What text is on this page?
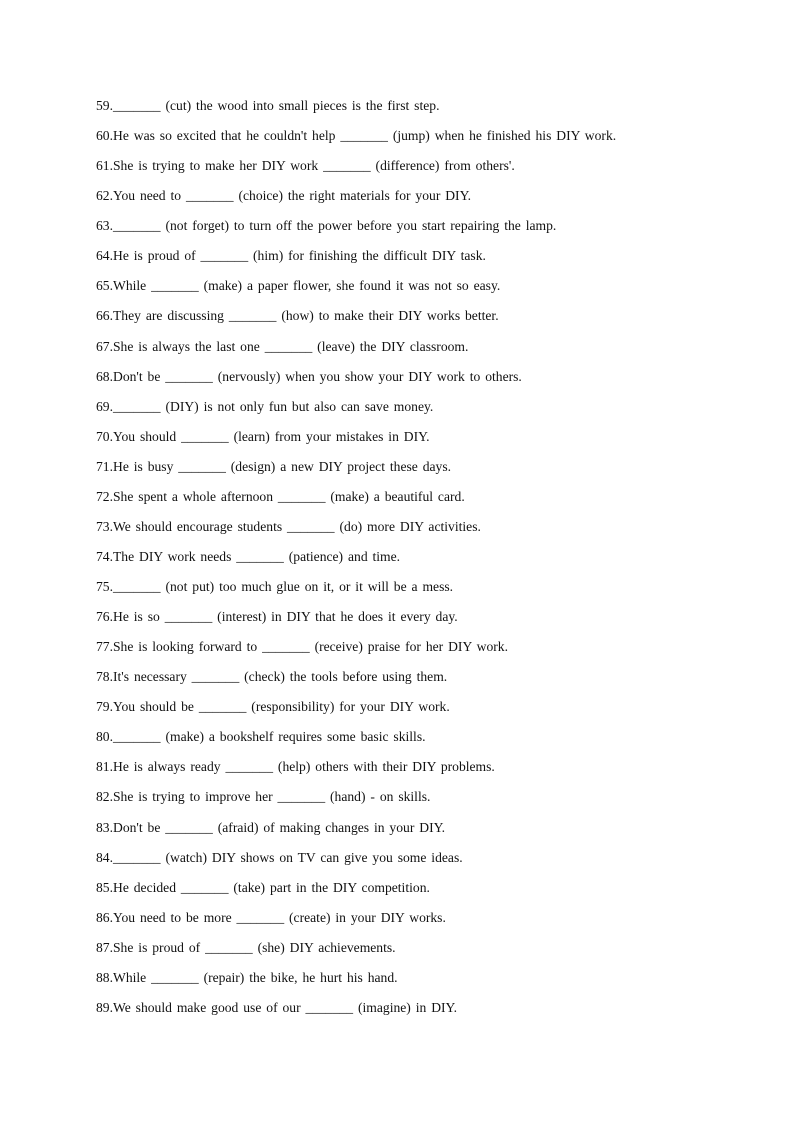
59._______ (cut) the wood into small pieces is the first step.
60.He was so excited that he couldn't help _______ (jump) when he finished his DIY work.
61.She is trying to make her DIY work _______ (difference) from others'.
62.You need to _______ (choice) the right materials for your DIY.
63._______ (not forget) to turn off the power before you start repairing the lamp.
64.He is proud of _______ (him) for finishing the difficult DIY task.
65.While _______ (make) a paper flower, she found it was not so easy.
66.They are discussing _______ (how) to make their DIY works better.
67.She is always the last one _______ (leave) the DIY classroom.
68.Don't be _______ (nervously) when you show your DIY work to others.
69._______ (DIY) is not only fun but also can save money.
70.You should _______ (learn) from your mistakes in DIY.
71.He is busy _______ (design) a new DIY project these days.
72.She spent a whole afternoon _______ (make) a beautiful card.
73.We should encourage students _______ (do) more DIY activities.
74.The DIY work needs _______ (patience) and time.
75._______ (not put) too much glue on it, or it will be a mess.
76.He is so _______ (interest) in DIY that he does it every day.
77.She is looking forward to _______ (receive) praise for her DIY work.
78.It's necessary _______ (check) the tools before using them.
79.You should be _______ (responsibility) for your DIY work.
80._______ (make) a bookshelf requires some basic skills.
81.He is always ready _______ (help) others with their DIY problems.
82.She is trying to improve her _______ (hand) - on skills.
83.Don't be _______ (afraid) of making changes in your DIY.
84._______ (watch) DIY shows on TV can give you some ideas.
85.He decided _______ (take) part in the DIY competition.
86.You need to be more _______ (create) in your DIY works.
87.She is proud of _______ (she) DIY achievements.
88.While _______ (repair) the bike, he hurt his hand.
89.We should make good use of our _______ (imagine) in DIY.
